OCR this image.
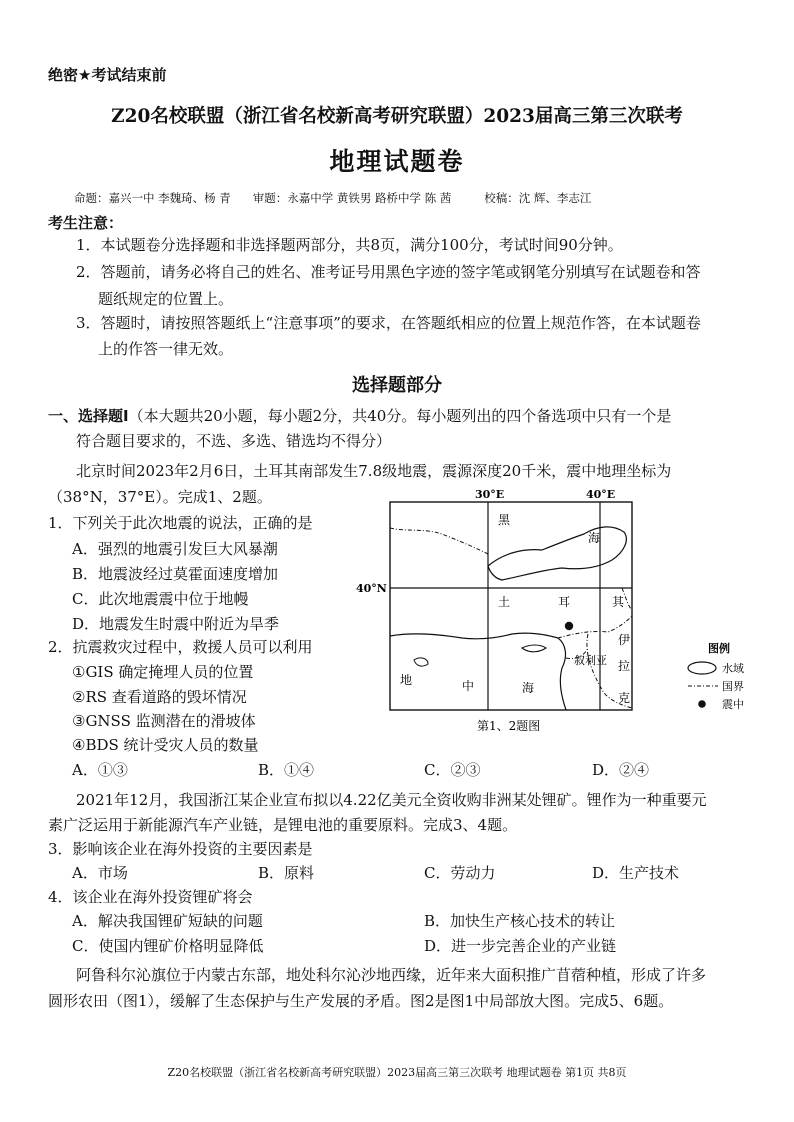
绝密★考试结束前
Z20名校联盟（浙江省名校新高考研究联盟）2023届高三第三次联考
地理试题卷
命题：嘉兴一中 李魏琦、杨 青 审题：永嘉中学 黄铁男 路桥中学 陈 茜	校稿：沈 辉、李志江
考生注意：
1．本试题卷分选择题和非选择题两部分，共8页，满分100分，考试时间90分钟。
2．答题前，请务必将自己的姓名、准考证号用黑色字迹的签字笔或钢笔分别填写在试题卷和答
题纸规定的位置上。
3．答题时，请按照答题纸上“注意事项”的要求，在答题纸相应的位置上规范作答，在本试题卷
上的作答一律无效。
选择题部分
一、选择题Ⅰ（本大题共20小题，每小题2分，共40分。每小题列出的四个备选项中只有一个是
符合题目要求的，不选、多选、错选均不得分）
北京时间2023年2月6日，土耳其南部发生7.8级地震，震源深度20千米，震中地理坐标为
（38°N，37°E）。完成1、2题。
1．下列关于此次地震的说法，正确的是
A．强烈的地震引发巨大风暴潮
B．地震波经过莫霍面速度增加
C．此次地震震中位于地幔
D．地震发生时震中附近为旱季
2．抗震救灾过程中，救援人员可以利用
①GIS 确定掩埋人员的位置
②RS 查看道路的毁坏情况
③GNSS 监测潜在的滑坡体
④BDS 统计受灾人员的数量
A．①③	B．①④	C．②③	D．②④
30°E	40°E
40°N
黑
海
土	耳	其
叙利亚
伊
拉
克
地	中	海
第1、2题图
图例
水域
国界
震中
2021年12月，我国浙江某企业宣布拟以4.22亿美元全资收购非洲某处锂矿。锂作为一种重要元
素广泛运用于新能源汽车产业链，是锂电池的重要原料。完成3、4题。
3．影响该企业在海外投资的主要因素是
A．市场	B．原料	C．劳动力	D．生产技术
4．该企业在海外投资锂矿将会
A．解决我国锂矿短缺的问题	B．加快生产核心技术的转让
C．使国内锂矿价格明显降低	D．进一步完善企业的产业链
阿鲁科尔沁旗位于内蒙古东部，地处科尔沁沙地西缘，近年来大面积推广苜蓿种植，形成了许多
圆形农田（图1），缓解了生态保护与生产发展的矛盾。图2是图1中局部放大图。完成5、6题。
Z20名校联盟（浙江省名校新高考研究联盟）2023届高三第三次联考 地理试题卷 第1页 共8页
